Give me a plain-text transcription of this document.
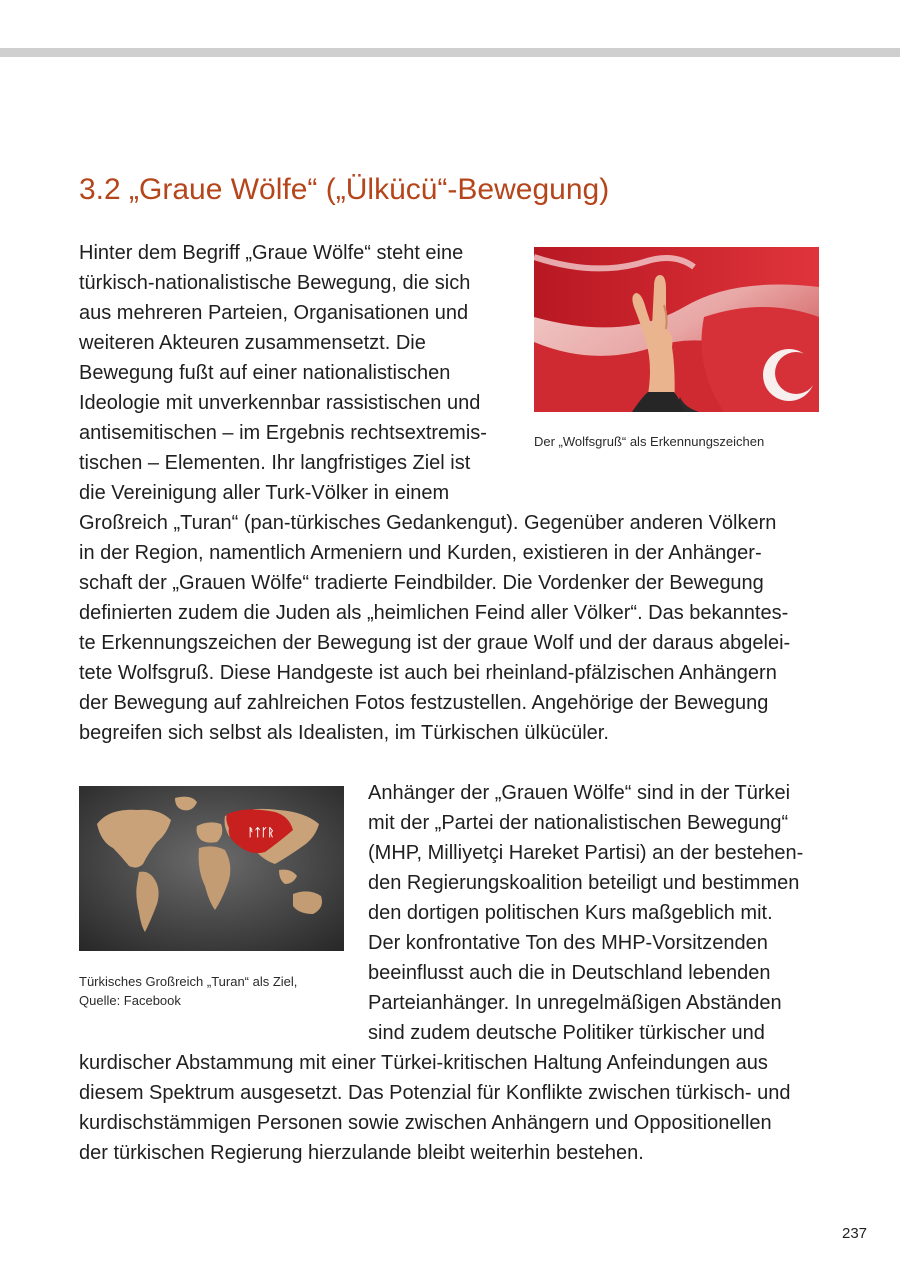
3.2 „Graue Wölfe“ („Ülkücü“-Bewegung)
Hinter dem Begriff „Graue Wölfe“ steht eine
türkisch-nationalistische Bewegung, die sich
aus mehreren Parteien, Organisationen und
weiteren Akteuren zusammensetzt. Die
Bewegung fußt auf einer nationalistischen
Ideologie mit unverkennbar rassistischen und
antisemitischen – im Ergebnis rechtsextremis-
tischen – Elementen. Ihr langfristiges Ziel ist
die Vereinigung aller Turk-Völker in einem
Großreich „Turan“ (pan-türkisches Gedankengut). Gegenüber anderen Völkern
in der Region, namentlich Armeniern und Kurden, existieren in der Anhänger-
schaft der „Grauen Wölfe“ tradierte Feindbilder. Die Vordenker der Bewegung
definierten zudem die Juden als „heimlichen Feind aller Völker“. Das bekanntes-
te Erkennungszeichen der Bewegung ist der graue Wolf und der daraus abgelei-
tete Wolfsgruß. Diese Handgeste ist auch bei rheinland-pfälzischen Anhängern
der Bewegung auf zahlreichen Fotos festzustellen. Angehörige der Bewegung
begreifen sich selbst als Idealisten, im Türkischen ülkücüler.
Der „Wolfsgruß“ als Erkennungszeichen
ᚨᛏᚴᚱ
Türkisches Großreich „Turan“ als Ziel,
Quelle: Facebook
Anhänger der „Grauen Wölfe“ sind in der Türkei
mit der „Partei der nationalistischen Bewegung“
(MHP, Milliyetçi Hareket Partisi) an der bestehen-
den Regierungskoalition beteiligt und bestimmen
den dortigen politischen Kurs maßgeblich mit.
Der konfrontative Ton des MHP-Vorsitzenden
beeinflusst auch die in Deutschland lebenden
Parteianhänger. In unregelmäßigen Abständen
sind zudem deutsche Politiker türkischer und
kurdischer Abstammung mit einer Türkei-kritischen Haltung Anfeindungen aus
diesem Spektrum ausgesetzt. Das Potenzial für Konflikte zwischen türkisch- und
kurdischstämmigen Personen sowie zwischen Anhängern und Oppositionellen
der türkischen Regierung hierzulande bleibt weiterhin bestehen.
237
